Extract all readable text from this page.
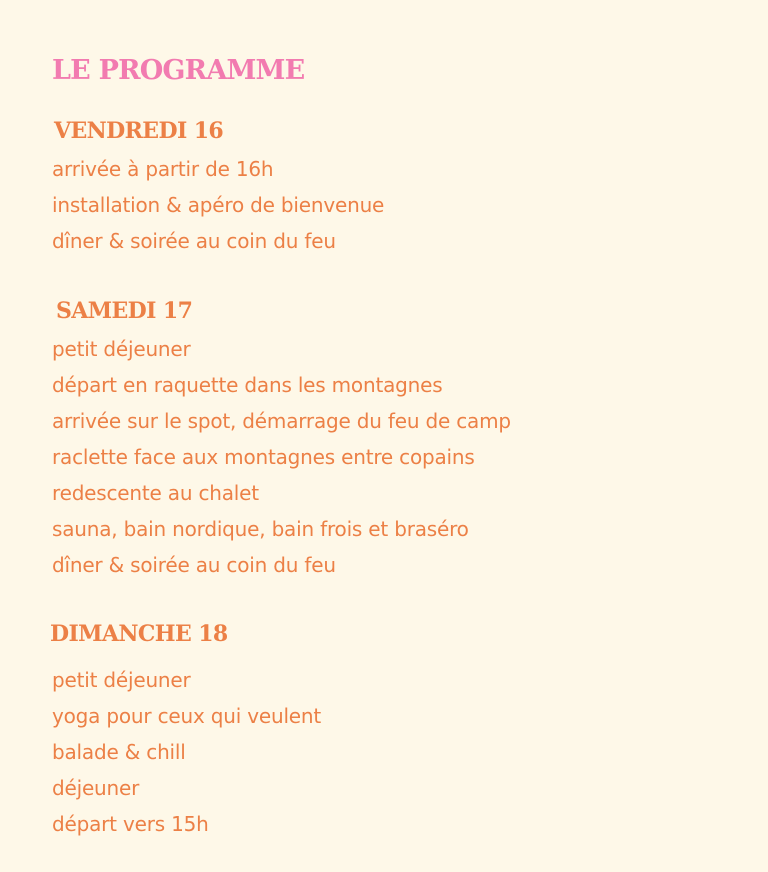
LE PROGRAMME
VENDREDI 16
arrivée à partir de 16h
installation & apéro de bienvenue
dîner & soirée au coin du feu
SAMEDI 17
petit déjeuner
départ en raquette dans les montagnes
arrivée sur le spot, démarrage du feu de camp
raclette face aux montagnes entre copains
redescente au chalet
sauna, bain nordique, bain frois et braséro
dîner & soirée au coin du feu
DIMANCHE 18
petit déjeuner
yoga pour ceux qui veulent
balade & chill
déjeuner
départ vers 15h
